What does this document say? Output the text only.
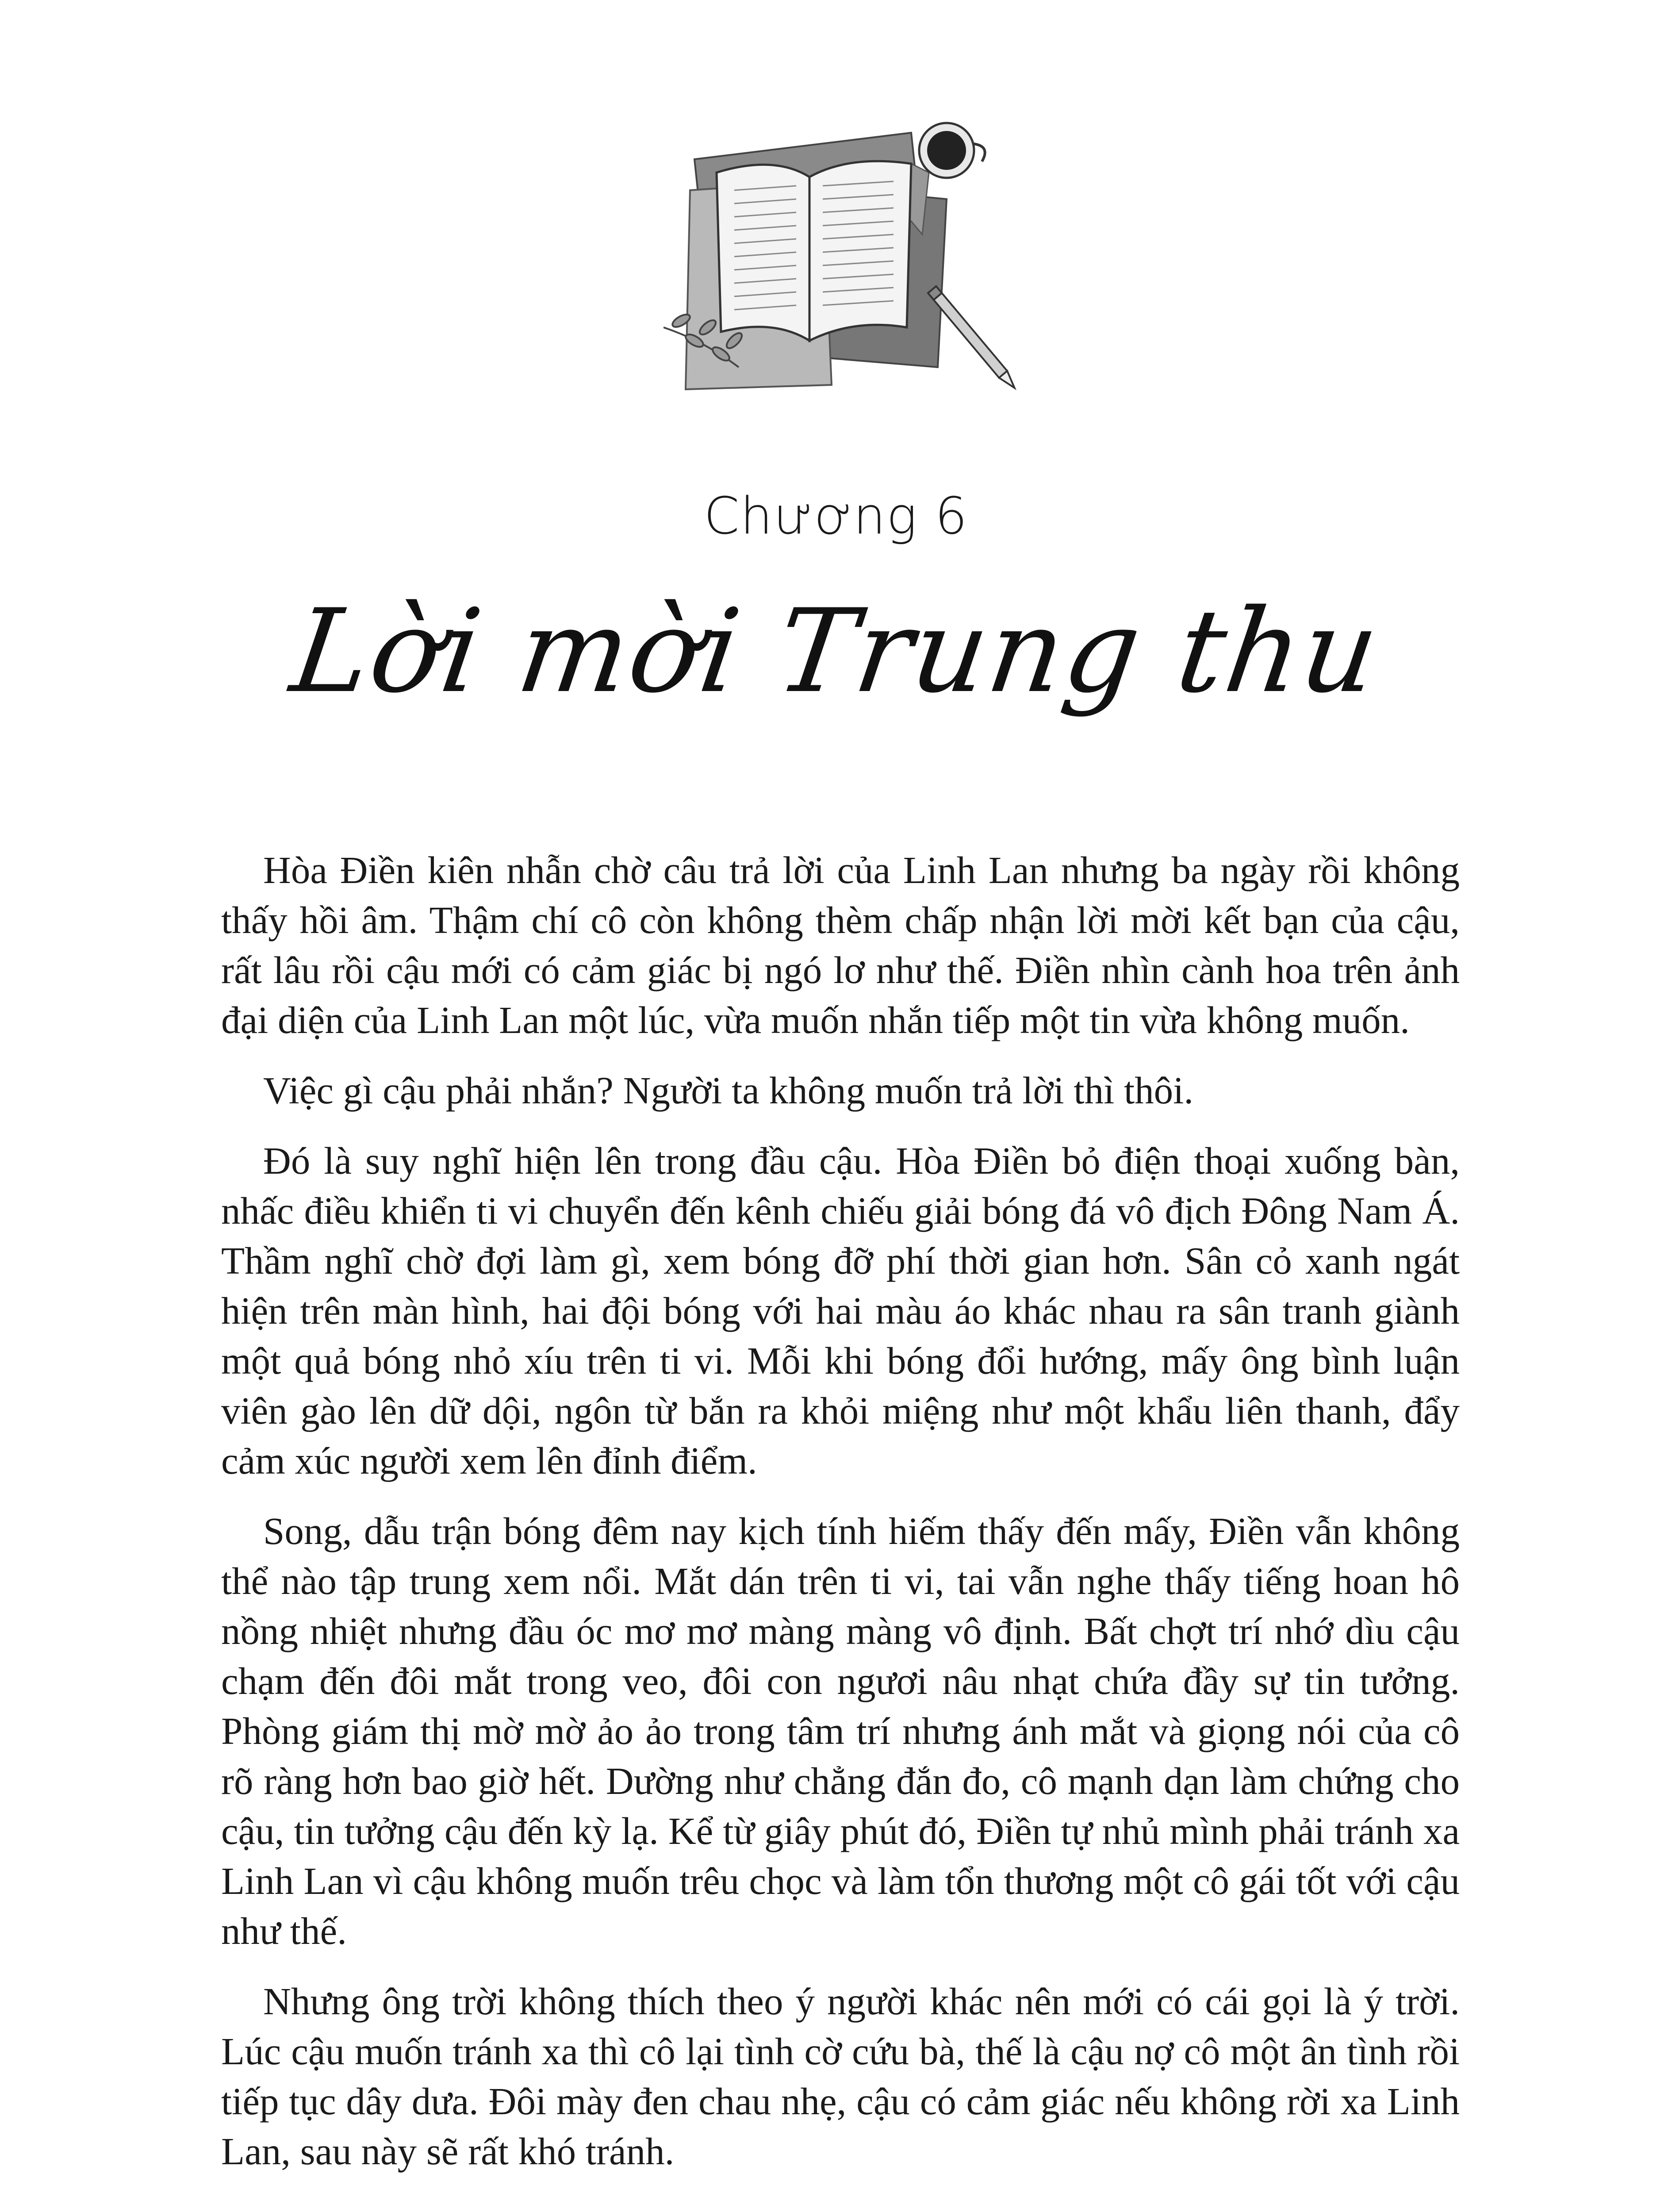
Chương 6
Lời mời Trung thu

Hòa Điền kiên nhẫn chờ câu trả lời của Linh Lan nhưng ba ngày rồi không thấy hồi âm. Thậm chí cô còn không thèm chấp nhận lời mời kết bạn của cậu, rất lâu rồi cậu mới có cảm giác bị ngó lơ như thế. Điền nhìn cành hoa trên ảnh đại diện của Linh Lan một lúc, vừa muốn nhắn tiếp một tin vừa không muốn.

Việc gì cậu phải nhắn? Người ta không muốn trả lời thì thôi.

Đó là suy nghĩ hiện lên trong đầu cậu. Hòa Điền bỏ điện thoại xuống bàn, nhấc điều khiển ti vi chuyển đến kênh chiếu giải bóng đá vô địch Đông Nam Á. Thầm nghĩ chờ đợi làm gì, xem bóng đỡ phí thời gian hơn. Sân cỏ xanh ngát hiện trên màn hình, hai đội bóng với hai màu áo khác nhau ra sân tranh giành một quả bóng nhỏ xíu trên ti vi. Mỗi khi bóng đổi hướng, mấy ông bình luận viên gào lên dữ dội, ngôn từ bắn ra khỏi miệng như một khẩu liên thanh, đẩy cảm xúc người xem lên đỉnh điểm.

Song, dẫu trận bóng đêm nay kịch tính hiếm thấy đến mấy, Điền vẫn không thể nào tập trung xem nổi. Mắt dán trên ti vi, tai vẫn nghe thấy tiếng hoan hô nồng nhiệt nhưng đầu óc mơ mơ màng màng vô định. Bất chợt trí nhớ dìu cậu chạm đến đôi mắt trong veo, đôi con ngươi nâu nhạt chứa đầy sự tin tưởng. Phòng giám thị mờ mờ ảo ảo trong tâm trí nhưng ánh mắt và giọng nói của cô rõ ràng hơn bao giờ hết. Dường như chẳng đắn đo, cô mạnh dạn làm chứng cho cậu, tin tưởng cậu đến kỳ lạ. Kể từ giây phút đó, Điền tự nhủ mình phải tránh xa Linh Lan vì cậu không muốn trêu chọc và làm tổn thương một cô gái tốt với cậu như thế.

Nhưng ông trời không thích theo ý người khác nên mới có cái gọi là ý trời. Lúc cậu muốn tránh xa thì cô lại tình cờ cứu bà, thế là cậu nợ cô một ân tình rồi tiếp tục dây dưa. Đôi mày đen chau nhẹ, cậu có cảm giác nếu không rời xa Linh Lan, sau này sẽ rất khó tránh.
